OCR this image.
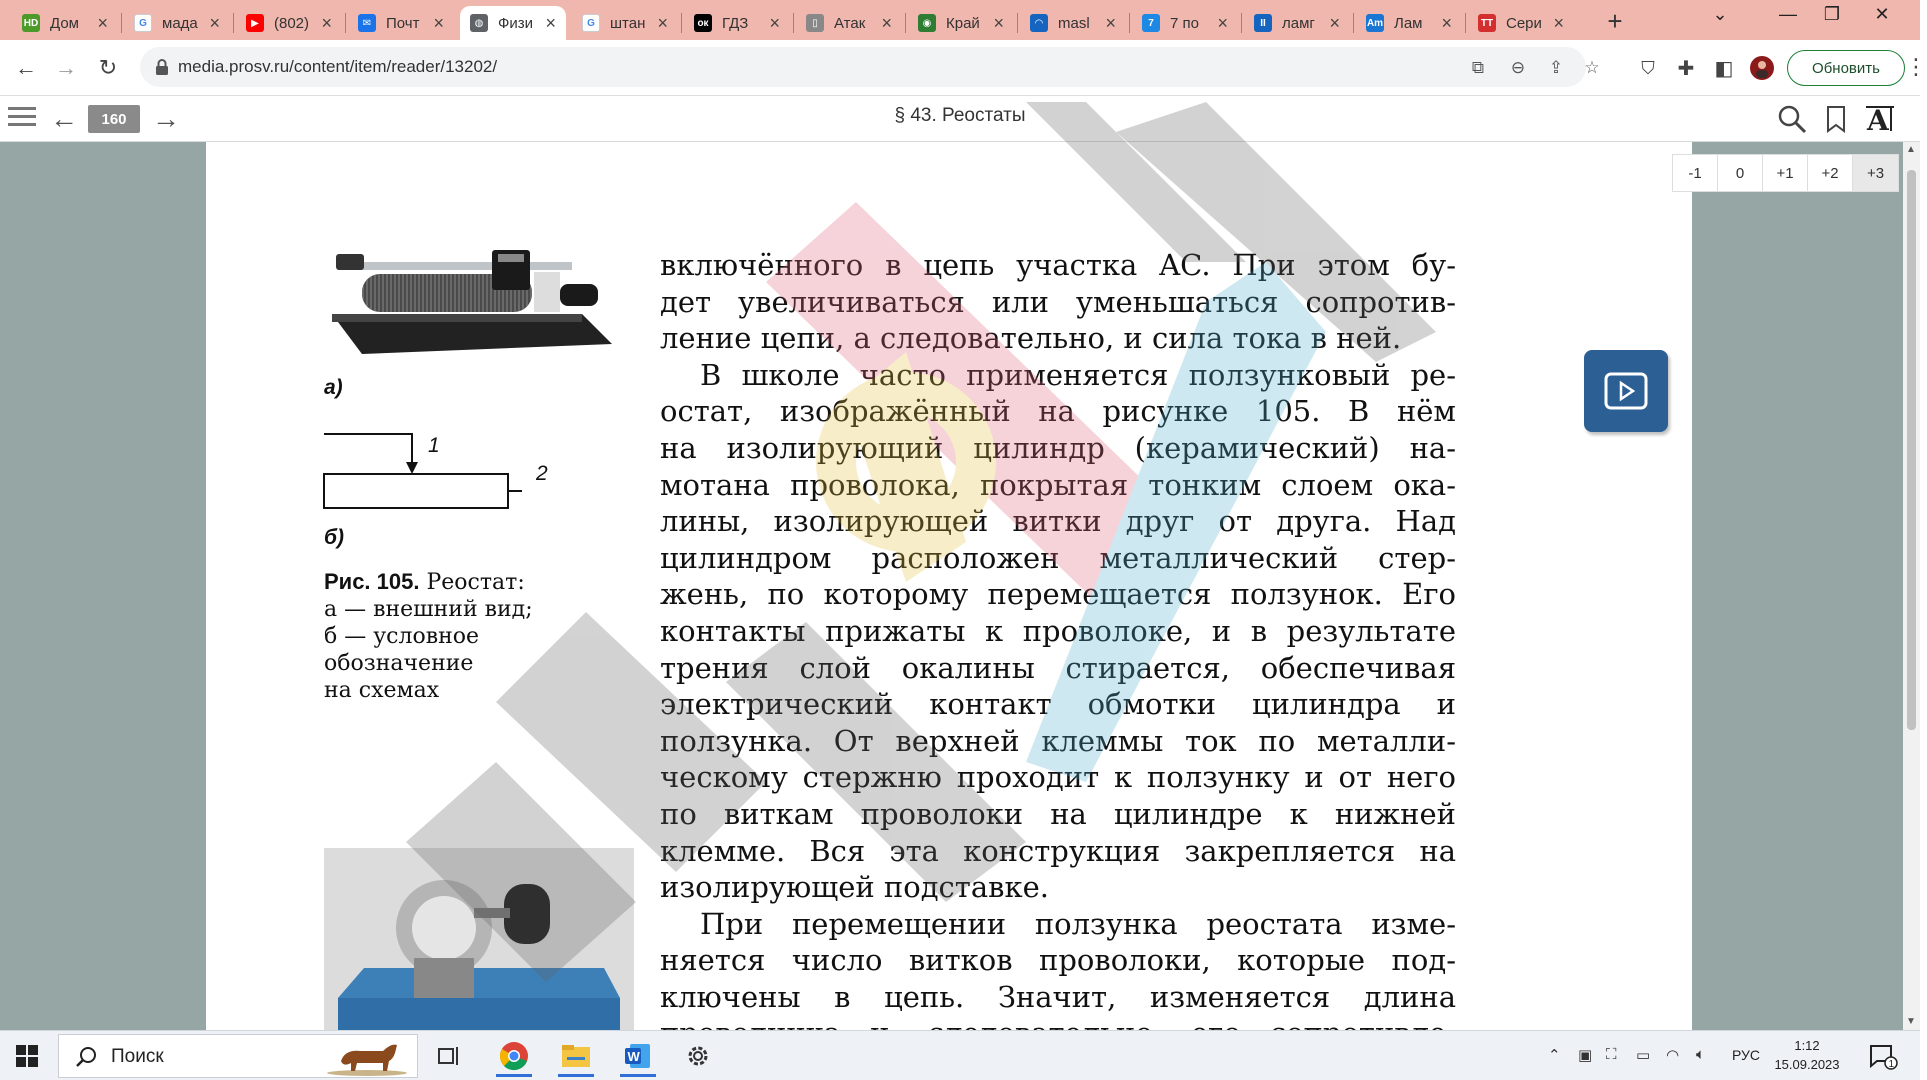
HD Дом	×	G	мада ×	▶	(802) ×	✉ Почт ×	◍ Физи ×	G	штан ×	ок ГДЗ	×	▯	Атак ×	◉ Край ×	◠	masl ×	7	7 по	×	II	ламг ×	Am Лам	×	ТТ Сери ×	+	⌄	—	❐	✕
← → ↻	media.prosv.ru/content/item/reader/13202/	⧉	⊖ ⇪ ☆	⛉	✚	◧	Обновить	⋮
←	160 →	§ 43. Реостаты	A
а)
1
2
б)
Рис. 105. Реостат:
а — внешний вид;
б — условное
обозначение
на схемах
включённого в цепь участка AC. При этом бу-
дет увеличиваться или уменьшаться сопротив-
ление цепи, а следовательно, и сила тока в ней.
В школе часто применяется ползунковый ре-
остат, изображённый на рисунке 105. В нём
на изолирующий цилиндр (керамический) на-
мотана проволока, покрытая тонким слоем ока-
лины, изолирующей витки друг от друга. Над
цилиндром расположен металлический стер-
жень, по которому перемещается ползунок. Его
контакты прижаты к проволоке, и в результате
трения слой окалины стирается, обеспечивая
электрический контакт обмотки цилиндра и
ползунка. От верхней клеммы ток по металли-
ческому стержню проходит к ползунку и от него
по виткам проволоки на цилиндре к нижней
клемме. Вся эта конструкция закрепляется на
изолирующей подставке.
При перемещении ползунка реостата изме-
няется число витков проволоки, которые под-
ключены в цепь. Значит, изменяется длина
-1	0	+1	+2	+3
▲
▼
Поиск	W	⌃ ▣ ⛶ ▭ ◠ 🔈︎ РУС
1:12
15.09.2023	1
